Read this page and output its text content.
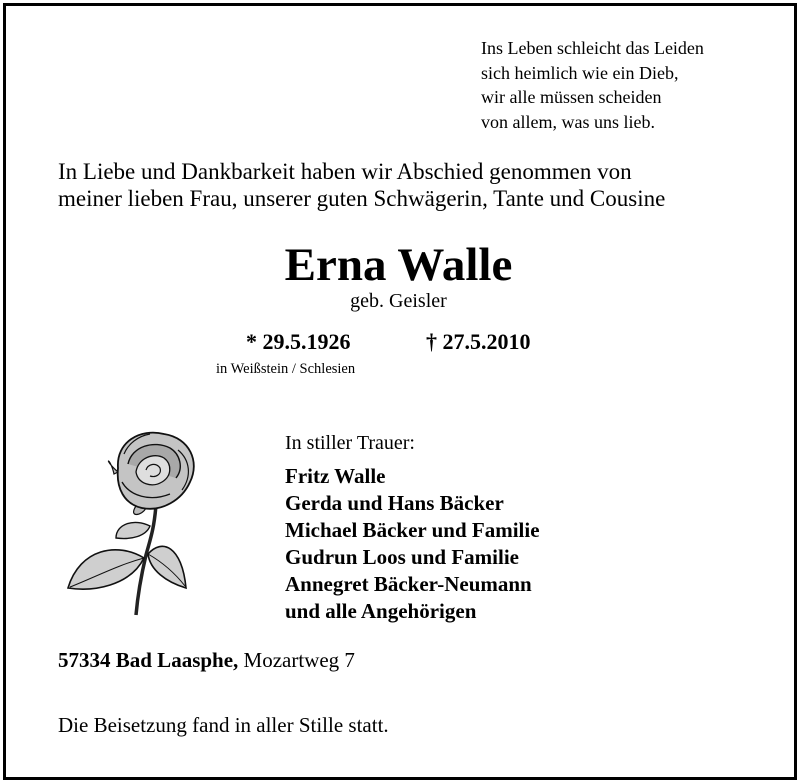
Ins Leben schleicht das Leiden
sich heimlich wie ein Dieb,
wir alle müssen scheiden
von allem, was uns lieb.
In Liebe und Dankbarkeit haben wir Abschied genommen von
meiner lieben Frau, unserer guten Schwägerin, Tante und Cousine
Erna Walle
geb. Geisler
* 29.5.1926	† 27.5.2010
in Weißstein / Schlesien
In stiller Trauer:
Fritz Walle
Gerda und Hans Bäcker
Michael Bäcker und Familie
Gudrun Loos und Familie
Annegret Bäcker-Neumann
und alle Angehörigen
57334 Bad Laasphe, Mozartweg 7
Die Beisetzung fand in aller Stille statt.
